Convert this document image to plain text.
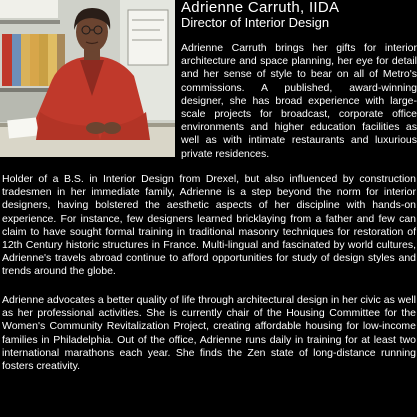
Adrienne Carruth, IIDA

Director of Interior Design

Adrienne Carruth brings her gifts for interior architecture and space planning, her eye for detail and her sense of style to bear on all of Metro's commissions. A published, award-winning designer, she has broad experience with large-scale projects for broadcast, corporate office environments and higher education facilities as well as with intimate restaurants and luxurious private residences.

Holder of a B.S. in Interior Design from Drexel, but also influenced by construction tradesmen in her immediate family, Adrienne is a step beyond the norm for interior designers, having bolstered the aesthetic aspects of her discipline with hands-on experience. For instance, few designers learned bricklaying from a father and few can claim to have sought formal training in traditional masonry techniques for restoration of 12th Century historic structures in France. Multi-lingual and fascinated by world cultures, Adrienne's travels abroad continue to afford opportunities for study of design styles and trends around the globe.

Adrienne advocates a better quality of life through architectural design in her civic as well as her professional activities. She is currently chair of the Housing Committee for the Women's Community Revitalization Project, creating affordable housing for low-income families in Philadelphia. Out of the office, Adrienne runs daily in training for at least two international marathons each year. She finds the Zen state of long-distance running fosters creativity.
